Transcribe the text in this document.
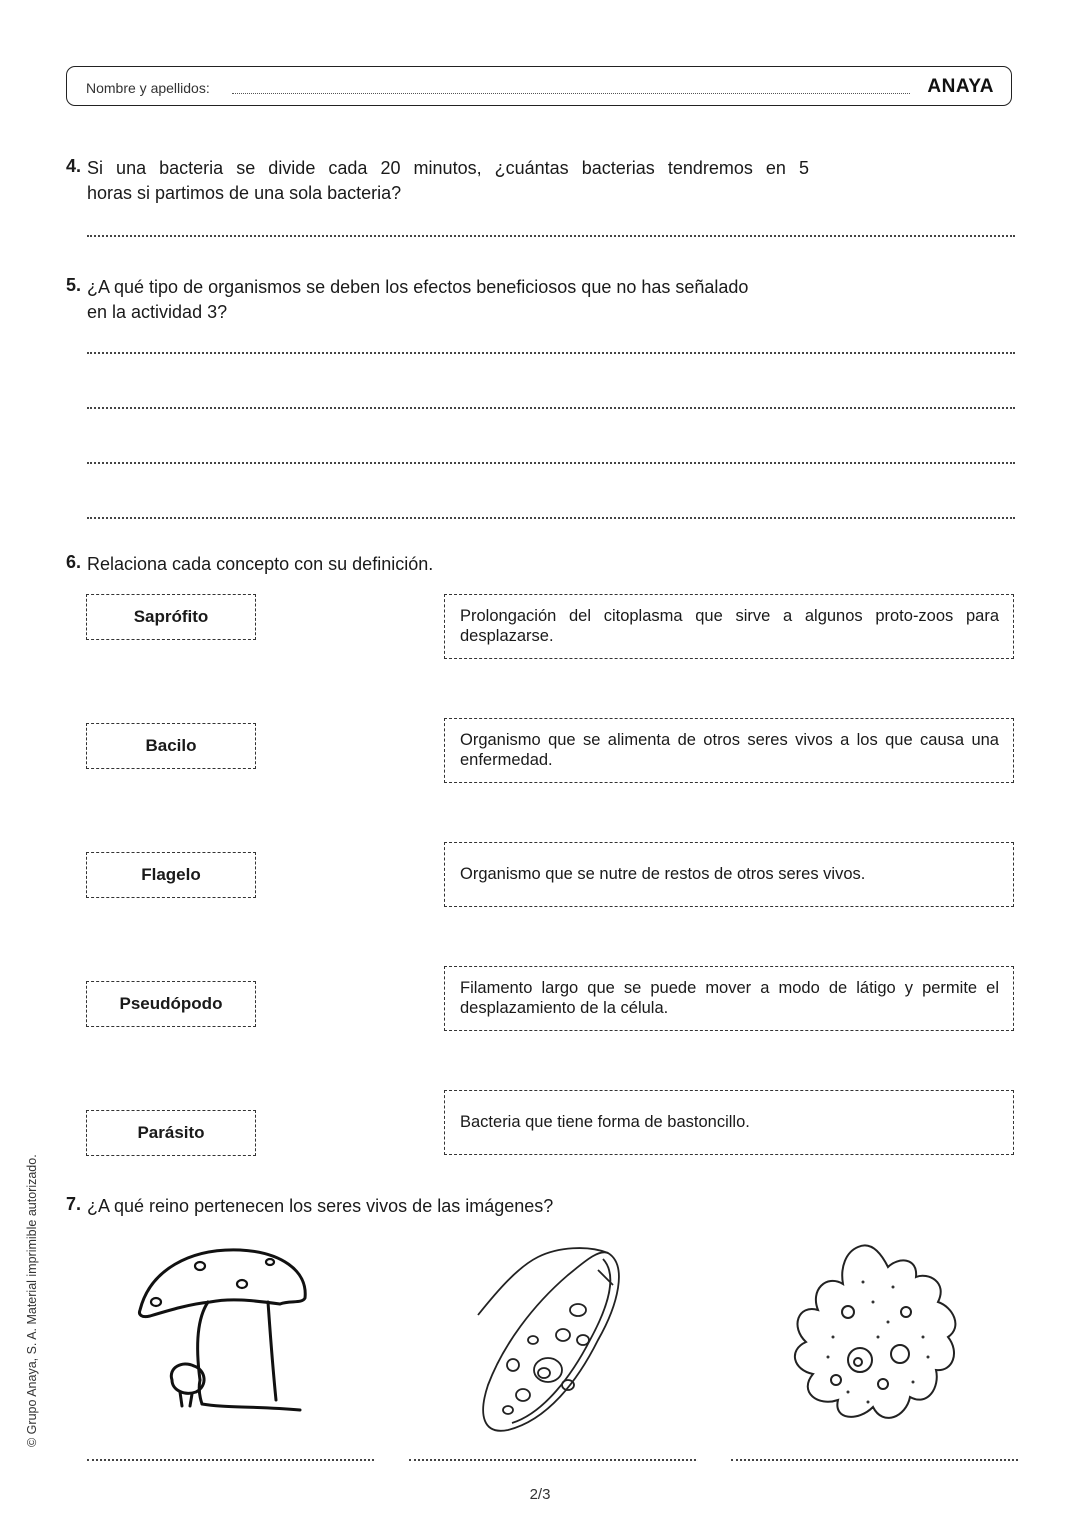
Nombre y apellidos:	ANAYA
4. Si una bacteria se divide cada 20 minutos, ¿cuántas bacterias tendremos en 5
horas si partimos de una sola bacteria?
5. ¿A qué tipo de organismos se deben los efectos beneficiosos que no has señalado
en la actividad 3?
6. Relaciona cada concepto con su definición.
Saprófito
Bacilo
Flagelo
Pseudópodo
Parásito
Prolongación del citoplasma que sirve a algunos proto-zoos para desplazarse.
Organismo que se alimenta de otros seres vivos a los que causa una enfermedad.
Organismo que se nutre de restos de otros seres vivos.
Filamento largo que se puede mover a modo de látigo y permite el desplazamiento de la célula.
Bacteria que tiene forma de bastoncillo.
7. ¿A qué reino pertenecen los seres vivos de las imágenes?
© Grupo Anaya, S. A. Material imprimible autorizado.
2/3
